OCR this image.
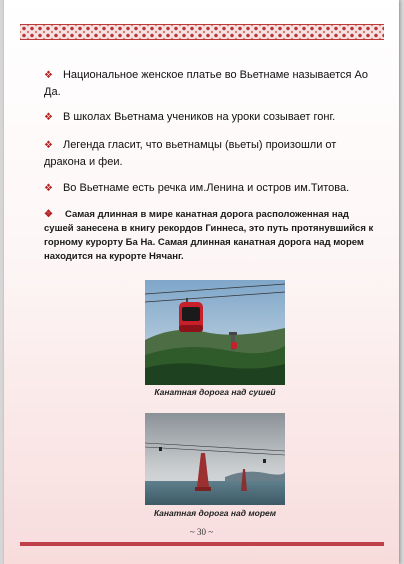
❖ Национальное женское платье во Вьетнаме называется Ао Да.
❖ В школах Вьетнама учеников на уроки созывает гонг.
❖ Легенда гласит, что вьетнамцы (вьеты) произошли от дракона и феи.
❖ Во Вьетнаме есть речка им.Ленина и остров им.Титова.
❖ Самая длинная в мире канатная дорога расположенная над сушей занесена в книгу рекордов Гиннеса, это путь протянувшийся к горному курорту Ба На. Самая длинная канатная дорога над морем находится на курорте Нячанг.
Канатная дорога над сушей
Канатная дорога над морем
~ 30 ~
